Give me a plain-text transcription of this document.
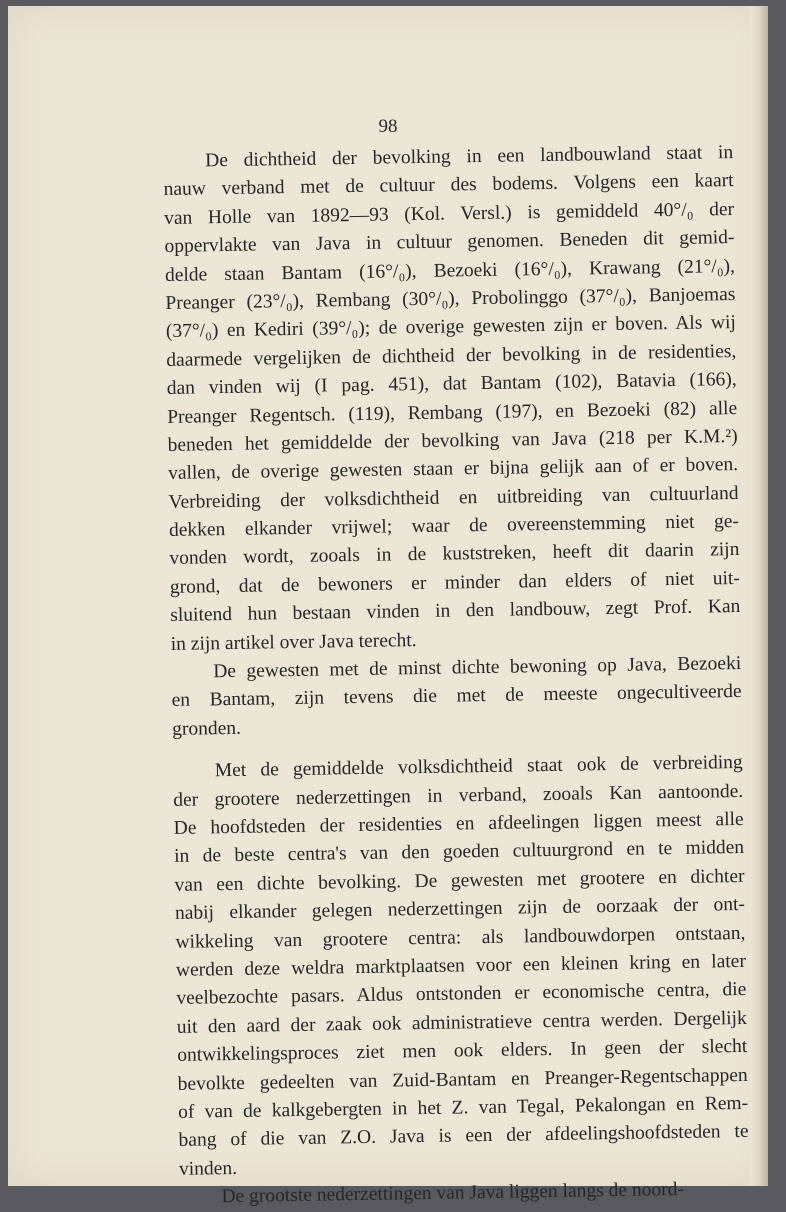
98
De dichtheid der bevolking in een landbouwland staat in
nauw verband met de cultuur des bodems. Volgens een kaart
van Holle van 1892—93 (Kol. Versl.) is gemiddeld 40°/₀ der
oppervlakte van Java in cultuur genomen. Beneden dit gemid-
delde staan Bantam (16°/₀), Bezoeki (16°/₀), Krawang (21°/₀),
Preanger (23°/₀), Rembang (30°/₀), Probolinggo (37°/₀), Banjoemas
(37°/₀) en Kediri (39°/₀); de overige gewesten zijn er boven. Als wij
daarmede vergelijken de dichtheid der bevolking in de residenties,
dan vinden wij (I pag. 451), dat Bantam (102), Batavia (166),
Preanger Regentsch. (119), Rembang (197), en Bezoeki (82) alle
beneden het gemiddelde der bevolking van Java (218 per K.M.²)
vallen, de overige gewesten staan er bijna gelijk aan of er boven.
Verbreiding der volksdichtheid en uitbreiding van cultuurland
dekken elkander vrijwel; waar de overeenstemming niet ge-
vonden wordt, zooals in de kuststreken, heeft dit daarin zijn
grond, dat de bewoners er minder dan elders of niet uit-
sluitend hun bestaan vinden in den landbouw, zegt Prof. Kan
in zijn artikel over Java terecht.
De gewesten met de minst dichte bewoning op Java, Bezoeki
en Bantam, zijn tevens die met de meeste ongecultiveerde
gronden.
Met de gemiddelde volksdichtheid staat ook de verbreiding
der grootere nederzettingen in verband, zooals Kan aantoonde.
De hoofdsteden der residenties en afdeelingen liggen meest alle
in de beste centra's van den goeden cultuurgrond en te midden
van een dichte bevolking. De gewesten met grootere en dichter
nabij elkander gelegen nederzettingen zijn de oorzaak der ont-
wikkeling van grootere centra: als landbouwdorpen ontstaan,
werden deze weldra marktplaatsen voor een kleinen kring en later
veelbezochte pasars. Aldus ontstonden er economische centra, die
uit den aard der zaak ook administratieve centra werden. Dergelijk
ontwikkelingsproces ziet men ook elders. In geen der slecht
bevolkte gedeelten van Zuid-Bantam en Preanger-Regentschappen
of van de kalkgebergten in het Z. van Tegal, Pekalongan en Rem-
bang of die van Z.O. Java is een der afdeelingshoofdsteden te
vinden.
De grootste nederzettingen van Java liggen langs de noord-
